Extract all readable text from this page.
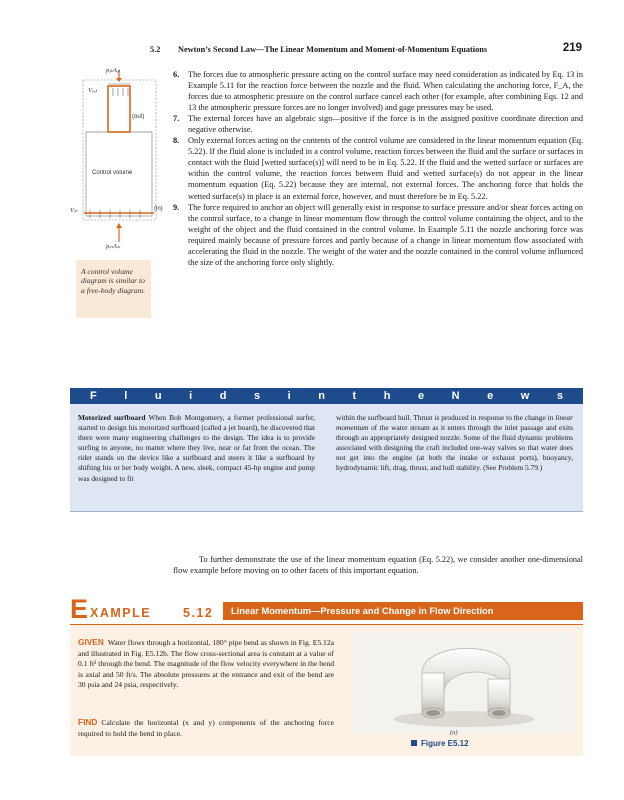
5.2 Newton’s Second Law—The Linear Momentum and Moment-of-Momentum Equations	219
pₐₜAₐₜ
Vₒᵤₜ
(out)
Control volume
Vᵢₙ	(in)
pᵢₙAᵢₙ
A control volume diagram is similar to a free-body diagram.
6. The forces due to atmospheric pressure acting on the control surface may need consideration as indicated by Eq. 13 in Example 5.11 for the reaction force between the nozzle and the fluid. When calculating the anchoring force, F_A, the forces due to atmospheric pressure on the control surface cancel each other (for example, after combining Eqs. 12 and 13 the atmospheric pressure forces are no longer involved) and gage pressures may be used.
7. The external forces have an algebraic sign—positive if the force is in the assigned positive coordinate direction and negative otherwise.
8. Only external forces acting on the contents of the control volume are considered in the linear momentum equation (Eq. 5.22). If the fluid alone is included in a control volume, reaction forces between the fluid and the surface or surfaces in contact with the fluid [wetted surface(s)] will need to be in Eq. 5.22. If the fluid and the wetted surface or surfaces are within the control volume, the reaction forces between fluid and wetted surface(s) do not appear in the linear momentum equation (Eq. 5.22) because they are internal, not external forces. The anchoring force that holds the wetted surface(s) in place is an external force, however, and must therefore be in Eq. 5.22.
9. The force required to anchor an object will generally exist in response to surface pressure and/or shear forces acting on the control surface, to a change in linear momentum flow through the control volume containing the object, and to the weight of the object and the fluid contained in the control volume. In Example 5.11 the nozzle anchoring force was required mainly because of pressure forces and partly because of a change in linear momentum flow associated with accelerating the fluid in the nozzle. The weight of the water and the nozzle contained in the control volume influenced the size of the anchoring force only slightly.
F	l	u	i	d	s	i	n	t	h	e	N	e	w	s
Motorized surfboard When Bob Montgomery, a former professional surfer, started to design his motorized surfboard (called a jet board), he discovered that there were many engineering challenges to the design. The idea is to provide surfing to anyone, no matter where they live, near or far from the ocean. The rider stands on the device like a surfboard and steers it like a surfboard by shifting his or her body weight. A new, sleek, compact 45-hp engine and pump was designed to fit
within the surfboard hull. Thrust is produced in response to the change in linear momentum of the water stream as it enters through the inlet passage and exits through an appropriately designed nozzle. Some of the fluid dynamic problems associated with designing the craft included one-way valves so that water does not get into the engine (at both the intake or exhaust ports), buoyancy, hydrodynamic lift, drag, thrust, and hull stability. (See Problem 5.79.)
To further demonstrate the use of the linear momentum equation (Eq. 5.22), we consider another one-dimensional flow example before moving on to other facets of this important equation.
E XAMPLE	5.12 Linear Momentum—Pressure and Change in Flow Direction
GIVEN Water flows through a horizontal, 180° pipe bend as shown in Fig. E5.12a and illustrated in Fig. E5.12b. The flow cross-sectional area is constant at a value of 0.1 ft² through the bend. The magnitude of the flow velocity everywhere in the bend is axial and 50 ft/s. The absolute pressures at the entrance and exit of the bend are 30 psia and 24 psia, respectively.
FIND Calculate the horizontal (x and y) components of the anchoring force required to hold the bend in place.	(a)
Figure E5.12
